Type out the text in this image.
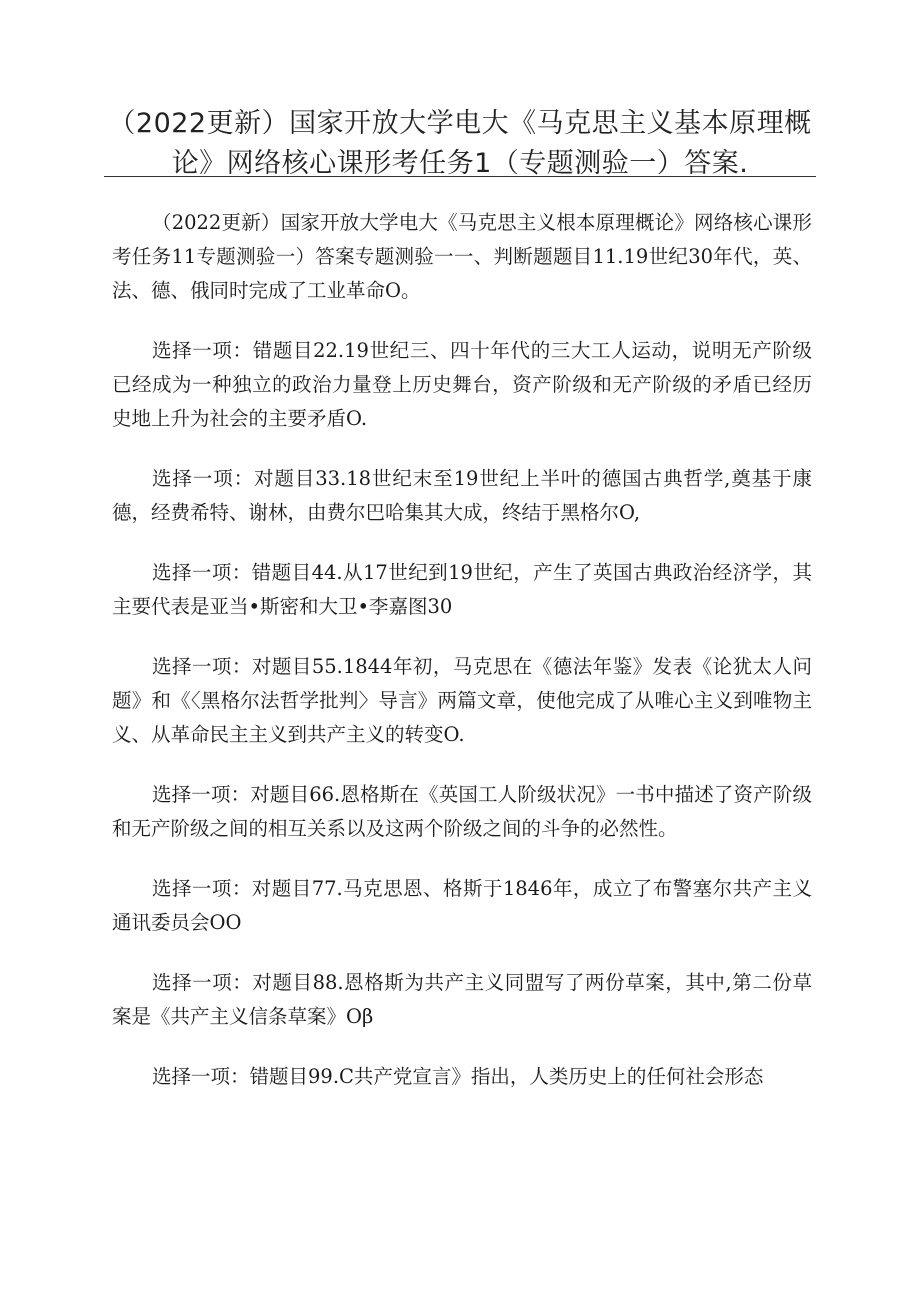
（2022更新）国家开放大学电大《马克思主义基本原理概论》网络核心课形考任务1（专题测验一）答案.

（2022更新）国家开放大学电大《马克思主义根本原理概论》网络核心课形考任务11专题测验一）答案专题测验一一、判断题题目11.19世纪30年代，英、法、德、俄同时完成了工业革命O。

选择一项：错题目22.19世纪三、四十年代的三大工人运动，说明无产阶级已经成为一种独立的政治力量登上历史舞台，资产阶级和无产阶级的矛盾已经历史地上升为社会的主要矛盾O.

选择一项：对题目33.18世纪末至19世纪上半叶的德国古典哲学,奠基于康德，经费希特、谢林，由费尔巴哈集其大成，终结于黑格尔O,

选择一项：错题目44.从17世纪到19世纪，产生了英国古典政治经济学，其主要代表是亚当•斯密和大卫•李嘉图30

选择一项：对题目55.1844年初，马克思在《德法年鉴》发表《论犹太人问题》和《〈黑格尔法哲学批判〉导言》两篇文章，使他完成了从唯心主义到唯物主义、从革命民主主义到共产主义的转变O.

选择一项：对题目66.恩格斯在《英国工人阶级状况》一书中描述了资产阶级和无产阶级之间的相互关系以及这两个阶级之间的斗争的必然性。

选择一项：对题目77.马克思恩、格斯于1846年，成立了布警塞尔共产主义通讯委员会OO

选择一项：对题目88.恩格斯为共产主义同盟写了两份草案，其中,第二份草案是《共产主义信条草案》Oβ

选择一项：错题目99.C共产党宣言》指出，人类历史上的任何社会形态
